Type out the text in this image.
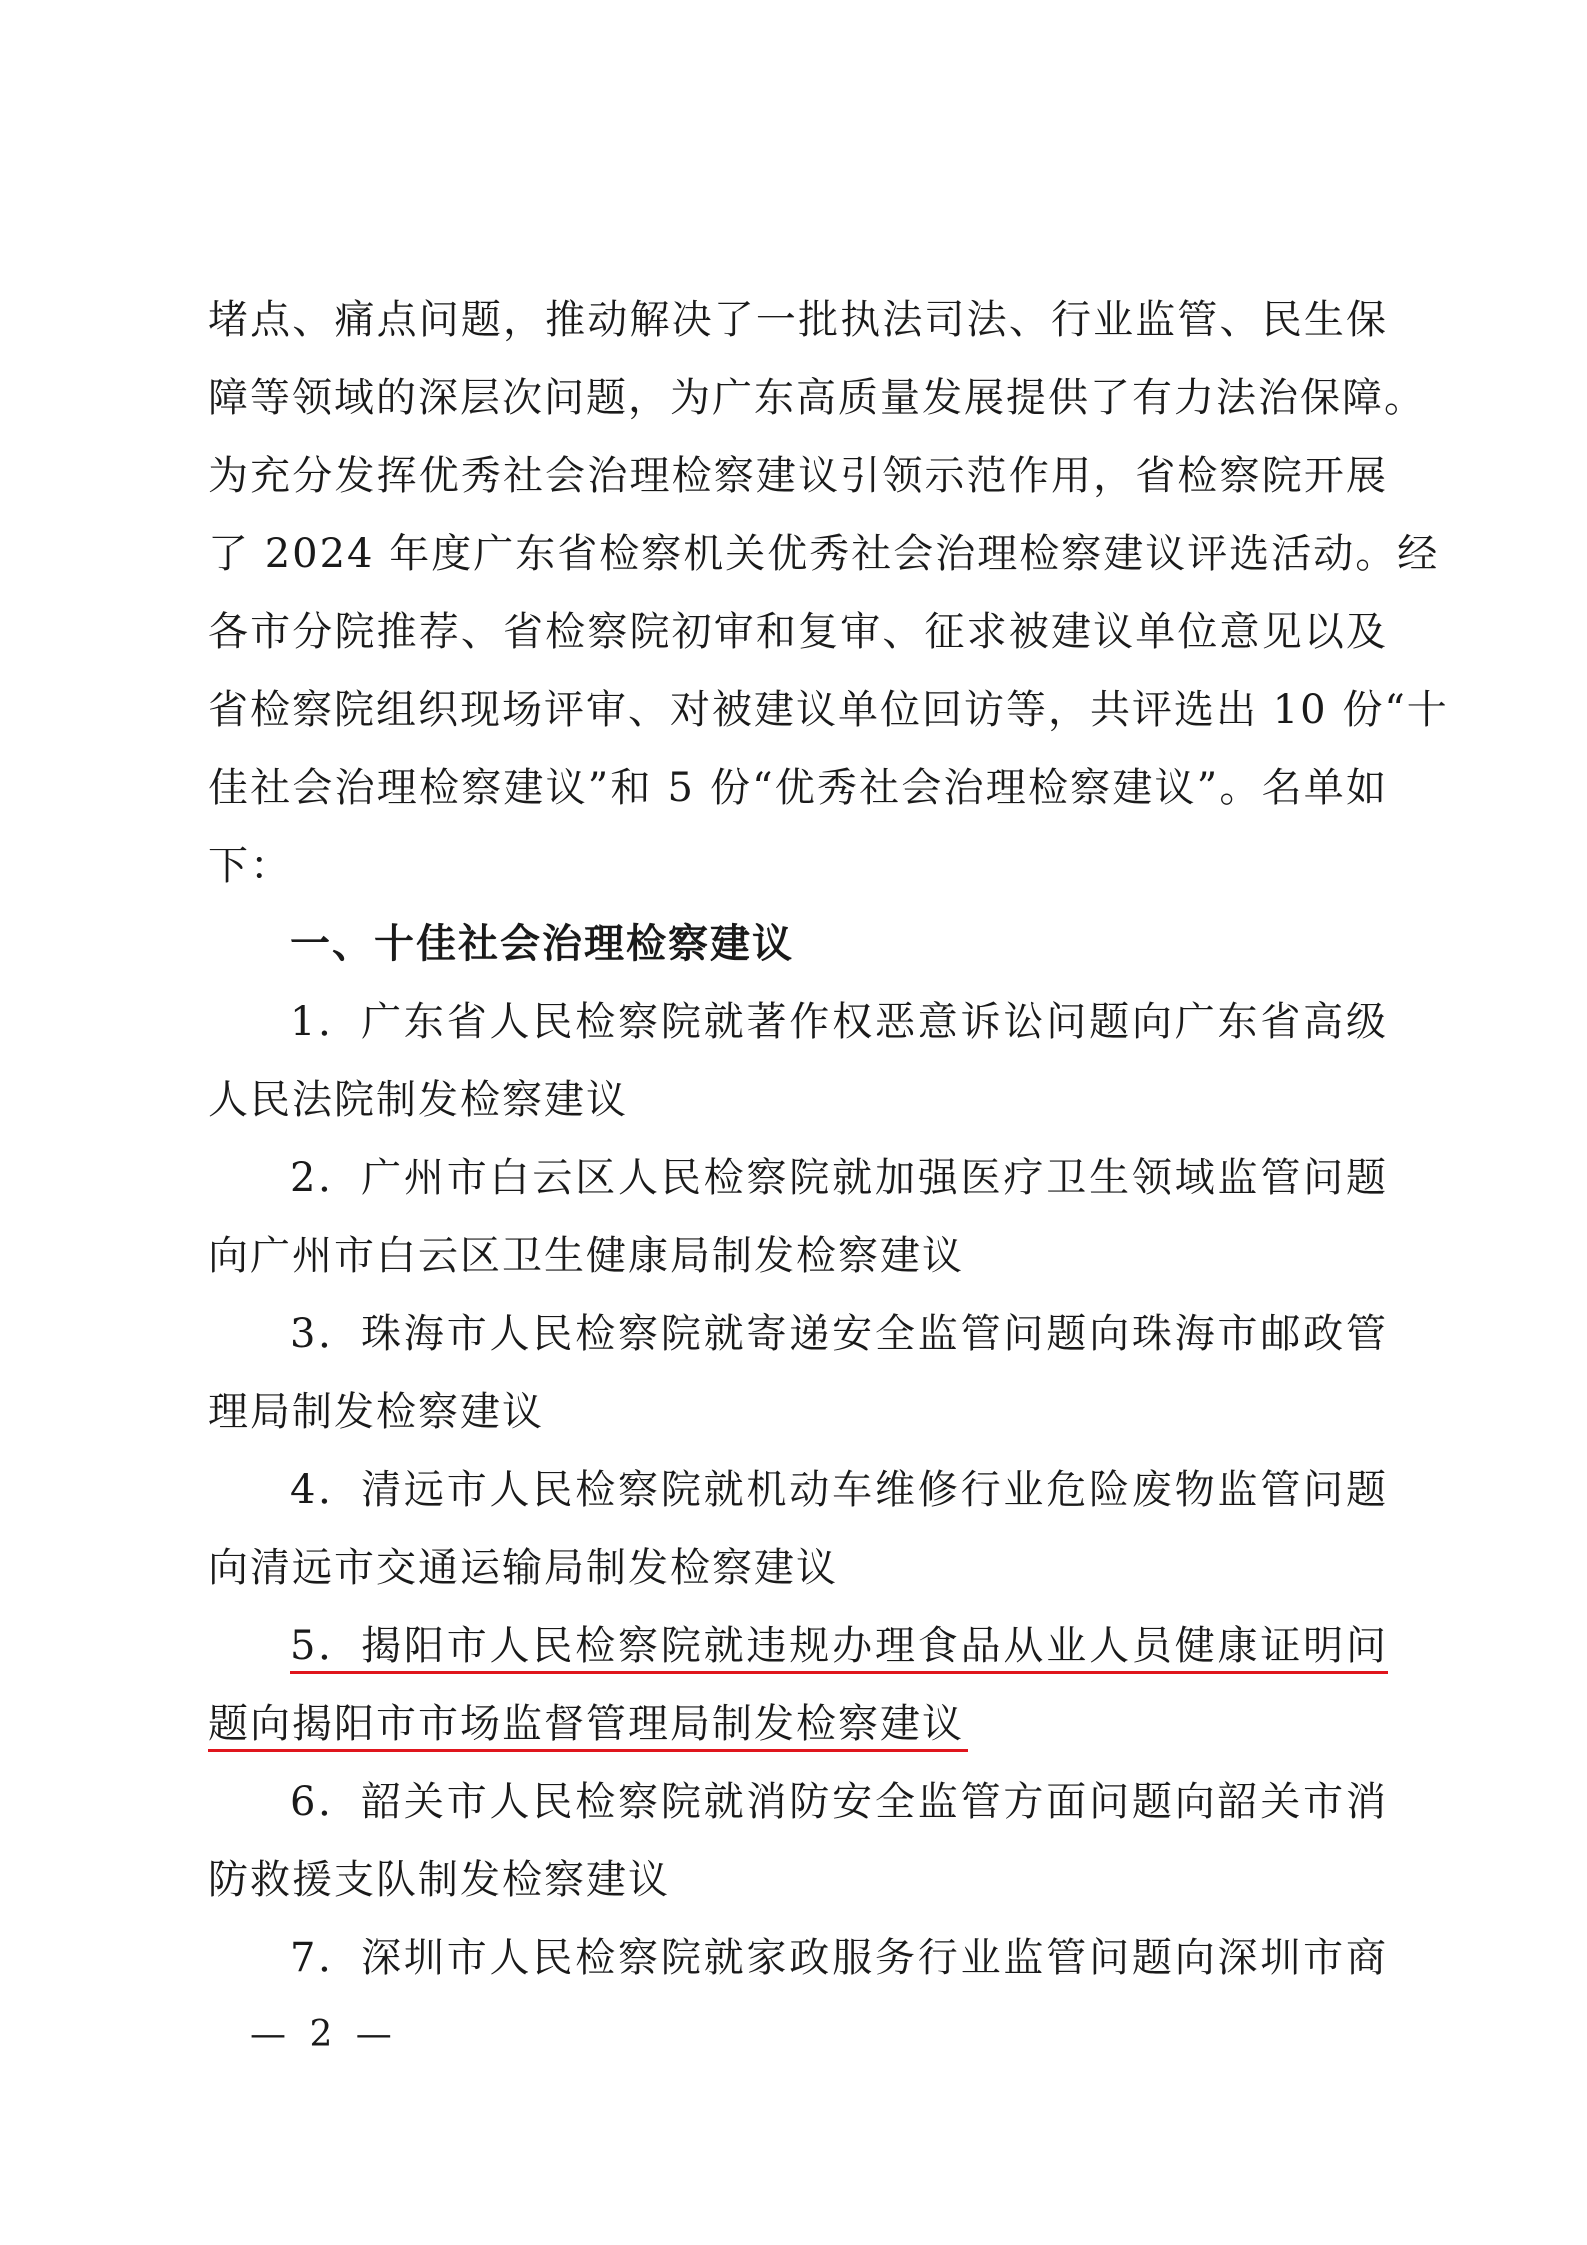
堵点、痛点问题，推动解决了一批执法司法、行业监管、民生保
障等领域的深层次问题，为广东高质量发展提供了有力法治保障。
为充分发挥优秀社会治理检察建议引领示范作用，省检察院开展
了 2024 年度广东省检察机关优秀社会治理检察建议评选活动。经
各市分院推荐、省检察院初审和复审、征求被建议单位意见以及
省检察院组织现场评审、对被建议单位回访等，共评选出 10 份“十
佳社会治理检察建议”和 5 份“优秀社会治理检察建议”。名单如
下：
一、十佳社会治理检察建议
1．广东省人民检察院就著作权恶意诉讼问题向广东省高级
人民法院制发检察建议
2．广州市白云区人民检察院就加强医疗卫生领域监管问题
向广州市白云区卫生健康局制发检察建议
3．珠海市人民检察院就寄递安全监管问题向珠海市邮政管
理局制发检察建议
4．清远市人民检察院就机动车维修行业危险废物监管问题
向清远市交通运输局制发检察建议
5．揭阳市人民检察院就违规办理食品从业人员健康证明问
题向揭阳市市场监督管理局制发检察建议
6．韶关市人民检察院就消防安全监管方面问题向韶关市消
防救援支队制发检察建议
7．深圳市人民检察院就家政服务行业监管问题向深圳市商
— 2 —
